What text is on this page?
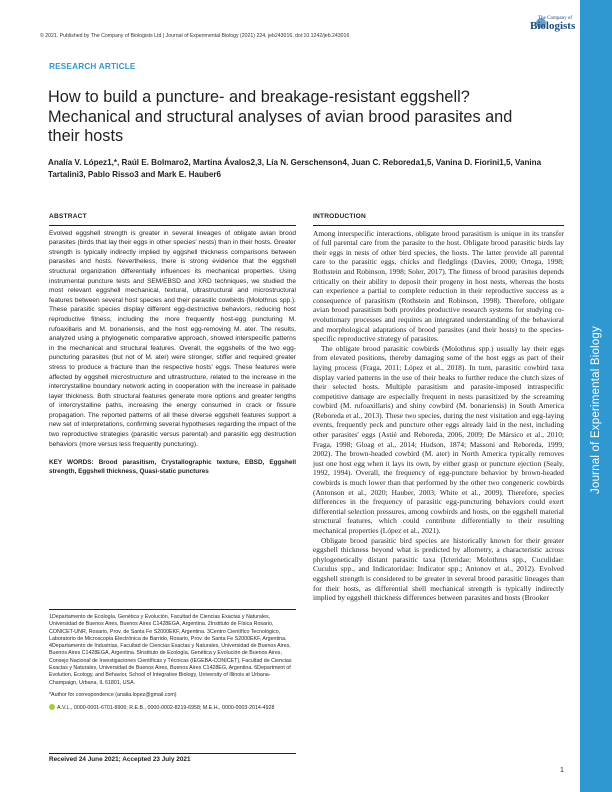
© 2021. Published by The Company of Biologists Ltd | Journal of Experimental Biology (2021) 224, jeb243016. doi:10.1242/jeb.243016
The Company of
Biologists
Journal of Experimental Biology
RESEARCH ARTICLE
How to build a puncture- and breakage-resistant eggshell? Mechanical and structural analyses of avian brood parasites and their hosts
Analía V. López1,*, Raúl E. Bolmaro2, Martina Ávalos2,3, Lía N. Gerschenson4, Juan C. Reboreda1,5, Vanina D. Fiorini1,5, Vanina Tartalini3, Pablo Risso3 and Mark E. Hauber6
ABSTRACT
Evolved eggshell strength is greater in several lineages of obligate avian brood parasites (birds that lay their eggs in other species' nests) than in their hosts. Greater strength is typically indirectly implied by eggshell thickness comparisons between parasites and hosts. Nevertheless, there is strong evidence that the eggshell structural organization differentially influences its mechanical properties. Using instrumental puncture tests and SEM/EBSD and XRD techniques, we studied the most relevant eggshell mechanical, textural, ultrastructural and microstructural features between several host species and their parasitic cowbirds (Molothrus spp.). These parasitic species display different egg-destructive behaviors, reducing host reproductive fitness, including the more frequently host-egg puncturing M. rufoaxillaris and M. bonariensis, and the host egg-removing M. ater. The results, analyzed using a phylogenetic comparative approach, showed interspecific patterns in the mechanical and structural features. Overall, the eggshells of the two egg-puncturing parasites (but not of M. ater) were stronger, stiffer and required greater stress to produce a fracture than the respective hosts' eggs. These features were affected by eggshell microstructure and ultrastructure, related to the increase in the intercrystalline boundary network acting in cooperation with the increase in palisade layer thickness. Both structural features generate more options and greater lengths of intercrystalline paths, increasing the energy consumed in crack or fissure propagation. The reported patterns of all these diverse eggshell features support a new set of interpretations, confirming several hypotheses regarding the impact of the two reproductive strategies (parasitic versus parental) and parasitic egg destruction behaviors (more versus less frequently puncturing).
KEY WORDS: Brood parasitism, Crystallographic texture, EBSD, Eggshell strength, Eggshell thickness, Quasi-static punctures
1Departamento de Ecología, Genética y Evolución, Facultad de Ciencias Exactas y Naturales, Universidad de Buenos Aires, Buenos Aires C1428EGA, Argentina. 2Instituto de Física Rosario, CONICET-UNR, Rosario, Prov. de Santa Fe S2000EKF, Argentina. 3Centro Científico Tecnológico, Laboratorio de Microscopía Electrónica de Barrido, Rosario, Prov. de Santa Fe S2000EKF, Argentina. 4Departamento de Industrias, Facultad de Ciencias Exactas y Naturales, Universidad de Buenos Aires, Buenos Aires C1428EGA, Argentina. 5Instituto de Ecología, Genética y Evolución de Buenos Aires, Consejo Nacional de Investigaciones Científicas y Técnicas (IEGEBA-CONICET), Facultad de Ciencias Exactas y Naturales, Universidad de Buenos Aires, Buenos Aires C1428EG, Argentina. 6Department of Evolution, Ecology, and Behavior, School of Integrative Biology, University of Illinois at Urbana-Champaign, Urbana, IL 61801, USA.
*Author for correspondence (analia.lopez@gmail.com)
A.V.L., 0000-0001-6701-8906; R.E.B., 0000-0002-8219-6958; M.E.H., 0000-0003-2014-4928
Received 24 June 2021; Accepted 23 July 2021
INTRODUCTION

Among interspecific interactions, obligate brood parasitism is unique in its transfer of full parental care from the parasite to the host. Obligate brood parasitic birds lay their eggs in nests of other bird species, the hosts. The latter provide all parental care to the parasitic eggs, chicks and fledglings (Davies, 2000; Ortega, 1998; Rothstein and Robinson, 1998; Soler, 2017). The fitness of brood parasites depends critically on their ability to deposit their progeny in host nests, whereas the hosts can experience a partial to complete reduction in their reproductive success as a consequence of parasitism (Rothstein and Robinson, 1998). Therefore, obligate avian brood parasitism both provides productive research systems for studying co-evolutionary processes and requires an integrated understanding of the behavioral and morphological adaptations of brood parasites (and their hosts) to the species-specific reproductive strategy of parasites.

The obligate brood parasitic cowbirds (Molothrus spp.) usually lay their eggs from elevated positions, thereby damaging some of the host eggs as part of their laying process (Fraga, 2011; López et al., 2018). In turn, parasitic cowbird taxa display varied patterns in the use of their beaks to further reduce the clutch sizes of their selected hosts. Multiple parasitism and parasite-imposed intraspecific competitive damage are especially frequent in nests parasitized by the screaming cowbird (M. rufoaxillaris) and shiny cowbird (M. bonariensis) in South America (Reboreda et al., 2013). These two species, during the nest visitation and egg-laying events, frequently peck and puncture other eggs already laid in the nest, including other parasites' eggs (Astié and Reboreda, 2006, 2009; De Mársico et al., 2010; Fraga, 1998; Gloag et al., 2014; Hudson, 1874; Massoni and Reboreda, 1999, 2002). The brown-headed cowbird (M. ater) in North America typically removes just one host egg when it lays its own, by either grasp or puncture ejection (Sealy, 1992, 1994). Overall, the frequency of egg-puncture behavior by brown-headed cowbirds is much lower than that performed by the other two congeneric cowbirds (Antonson et al., 2020; Hauber, 2003; White et al., 2009). Therefore, species differences in the frequency of parasitic egg-puncturing behaviors could exert differential selection pressures, among cowbirds and hosts, on the eggshell material structural features, which could contribute differentially to their resulting mechanical properties (López et al., 2021).

Obligate brood parasitic bird species are historically known for their greater eggshell thickness beyond what is predicted by allometry, a characteristic across phylogenetically distant parasitic taxa (Icteridae: Molothrus spp., Cuculidae: Cuculus spp., and Indicatoridae: Indicator spp.; Antonov et al., 2012). Evolved eggshell strength is considered to be greater in several brood parasitic lineages than for their hosts, as differential shell mechanical strength is typically indirectly implied by eggshell thickness differences between parasites and hosts (Brooker

1
